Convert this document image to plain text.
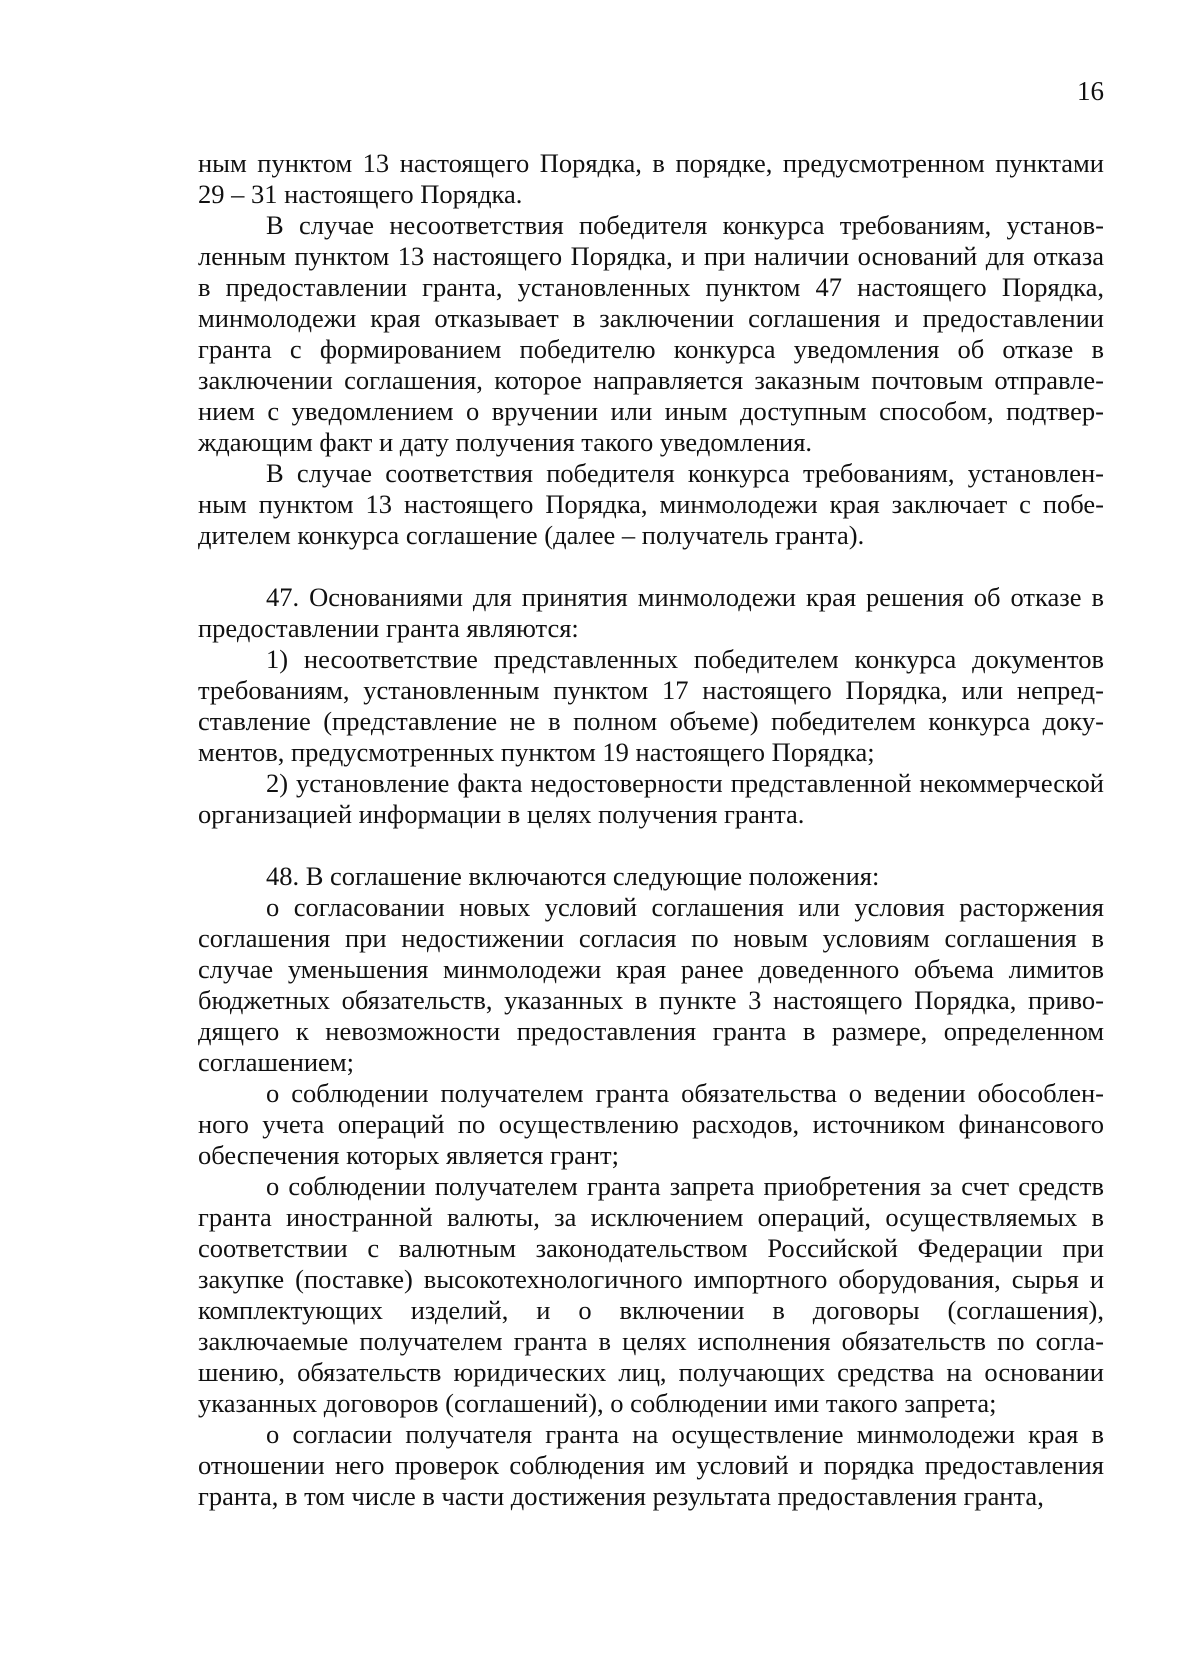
16

ным пунктом 13 настоящего Порядка, в порядке, предусмотренном пунктами 29 – 31 настоящего Порядка.

В случае несоответствия победителя конкурса требованиям, установленным пунктом 13 настоящего Порядка, и при наличии оснований для отказа в предоставлении гранта, установленных пунктом 47 настоящего Порядка, минмолодежи края отказывает в заключении соглашения и предоставлении гранта с формированием победителю конкурса уведомления об отказе в заключении соглашения, которое направляется заказным почтовым отправлением с уведомлением о вручении или иным доступным способом, подтверждающим факт и дату получения такого уведомления.

В случае соответствия победителя конкурса требованиям, установленным пунктом 13 настоящего Порядка, минмолодежи края заключает с победителем конкурса соглашение (далее – получатель гранта).

47. Основаниями для принятия минмолодежи края решения об отказе в предоставлении гранта являются:

1) несоответствие представленных победителем конкурса документов требованиям, установленным пунктом 17 настоящего Порядка, или непредставление (представление не в полном объеме) победителем конкурса документов, предусмотренных пунктом 19 настоящего Порядка;

2) установление факта недостоверности представленной некоммерческой организацией информации в целях получения гранта.

48. В соглашение включаются следующие положения:

о согласовании новых условий соглашения или условия расторжения соглашения при недостижении согласия по новым условиям соглашения в случае уменьшения минмолодежи края ранее доведенного объема лимитов бюджетных обязательств, указанных в пункте 3 настоящего Порядка, приводящего к невозможности предоставления гранта в размере, определенном соглашением;

о соблюдении получателем гранта обязательства о ведении обособленного учета операций по осуществлению расходов, источником финансового обеспечения которых является грант;

о соблюдении получателем гранта запрета приобретения за счет средств гранта иностранной валюты, за исключением операций, осуществляемых в соответствии с валютным законодательством Российской Федерации при закупке (поставке) высокотехнологичного импортного оборудования, сырья и комплектующих изделий, и о включении в договоры (соглашения), заключаемые получателем гранта в целях исполнения обязательств по соглашению, обязательств юридических лиц, получающих средства на основании указанных договоров (соглашений), о соблюдении ими такого запрета;

о согласии получателя гранта на осуществление минмолодежи края в отношении него проверок соблюдения им условий и порядка предоставления гранта, в том числе в части достижения результата предоставления гранта,
